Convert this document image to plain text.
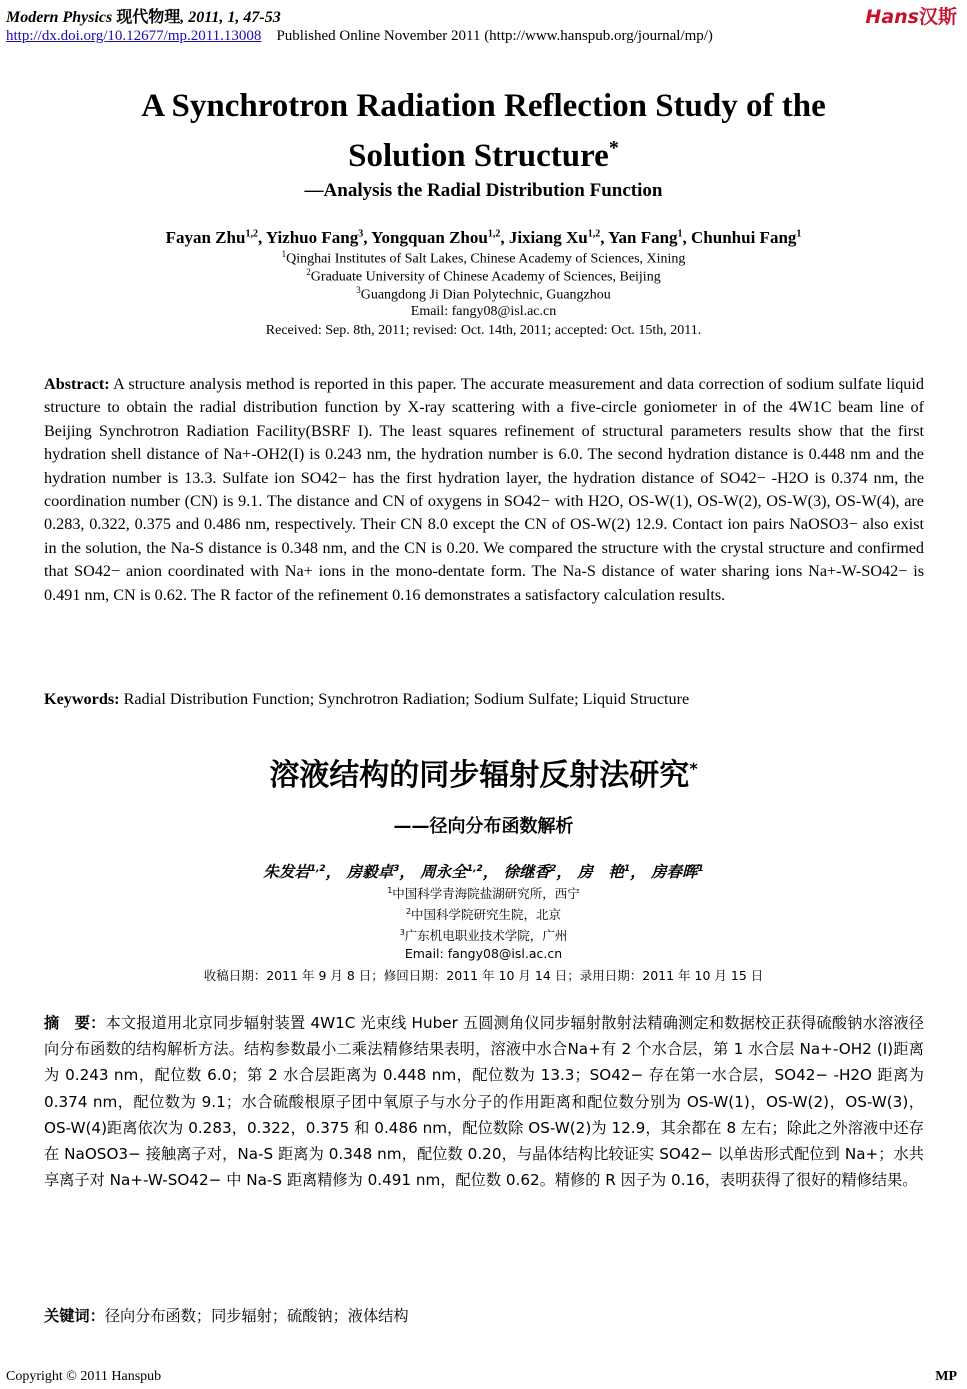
Modern Physics 现代物理, 2011, 1, 47-53	Hans汉斯
http://dx.doi.org/10.12677/mp.2011.13008 Published Online November 2011 (http://www.hanspub.org/journal/mp/)
A Synchrotron Radiation Reflection Study of the
Solution Structure*
—Analysis the Radial Distribution Function
Fayan Zhu$^{1,2}$, Yizhuo Fang$^3$, Yongquan Zhou$^{1,2}$, Jixiang Xu$^{1,2}$, Yan Fang$^1$, Chunhui Fang$^1$
$^1$Qinghai Institutes of Salt Lakes, Chinese Academy of Sciences, Xining
$^2$Graduate University of Chinese Academy of Sciences, Beijing
$^3$Guangdong Ji Dian Polytechnic, Guangzhou
Email: fangy08@isl.ac.cn
Received: Sep. 8th, 2011; revised: Oct. 14th, 2011; accepted: Oct. 15th, 2011.
Abstract: A structure analysis method is reported in this paper. The accurate measurement and data correction of sodium sulfate liquid structure to obtain the radial distribution function by X-ray scattering with a five-circle goniometer in of the 4W1C beam line of Beijing Synchrotron Radiation Facility(BSRF I). The least squares refinement of structural parameters results show that the first hydration shell distance of Na+-OH2(I) is 0.243 nm, the hydration number is 6.0. The second hydration distance is 0.448 nm and the hydration number is 13.3. Sulfate ion SO42− has the first hydration layer, the hydration distance of SO42− -H2O is 0.374 nm, the coordination number (CN) is 9.1. The distance and CN of oxygens in SO42− with H2O, OS-W(1), OS-W(2), OS-W(3), OS-W(4), are 0.283, 0.322, 0.375 and 0.486 nm, respectively. Their CN 8.0 except the CN of OS-W(2) 12.9. Contact ion pairs NaOSO3− also exist in the solution, the Na-S distance is 0.348 nm, and the CN is 0.20. We compared the structure with the crystal structure and confirmed that SO42− anion coordinated with Na+ ions in the mono-dentate form. The Na-S distance of water sharing ions Na+-W-SO42− is 0.491 nm, CN is 0.62. The R factor of the refinement 0.16 demonstrates a satisfactory calculation results.
Keywords: Radial Distribution Function; Synchrotron Radiation; Sodium Sulfate; Liquid Structure
溶液结构的同步辐射反射法研究*
——径向分布函数解析
朱发岩$^{1,2}$， 房毅卓$^3$， 周永全$^{1,2}$， 徐继香$^2$， 房　艳$^1$， 房春晖$^1$
$^1$中国科学青海院盐湖研究所，西宁
$^2$中国科学院研究生院，北京
$^3$广东机电职业技术学院，广州
Email: fangy08@isl.ac.cn
收稿日期：2011 年 9 月 8 日；修回日期：2011 年 10 月 14 日；录用日期：2011 年 10 月 15 日
摘　要：本文报道用北京同步辐射装置 4W1C 光束线 Huber 五圆测角仪同步辐射散射法精确测定和数据校正获得硫酸钠水溶液径向分布函数的结构解析方法。结构参数最小二乘法精修结果表明，溶液中水合Na+有 2 个水合层，第 1 水合层 Na+-OH2 (I)距离为 0.243 nm，配位数 6.0；第 2 水合层距离为 0.448 nm，配位数为 13.3；SO42− 存在第一水合层，SO42− -H2O 距离为 0.374 nm，配位数为 9.1；水合硫酸根原子团中氧原子与水分子的作用距离和配位数分别为 OS-W(1)，OS-W(2)，OS-W(3)，OS-W(4)距离依次为 0.283，0.322，0.375 和 0.486 nm，配位数除 OS-W(2)为 12.9，其余都在 8 左右；除此之外溶液中还存在 NaOSO3− 接触离子对，Na-S 距离为 0.348 nm，配位数 0.20，与晶体结构比较证实 SO42− 以单齿形式配位到 Na+；水共享离子对 Na+-W-SO42− 中 Na-S 距离精修为 0.491 nm，配位数 0.62。精修的 R 因子为 0.16，表明获得了很好的精修结果。
关键词：径向分布函数；同步辐射；硫酸钠；液体结构
Copyright © 2011 Hanspub	MP
